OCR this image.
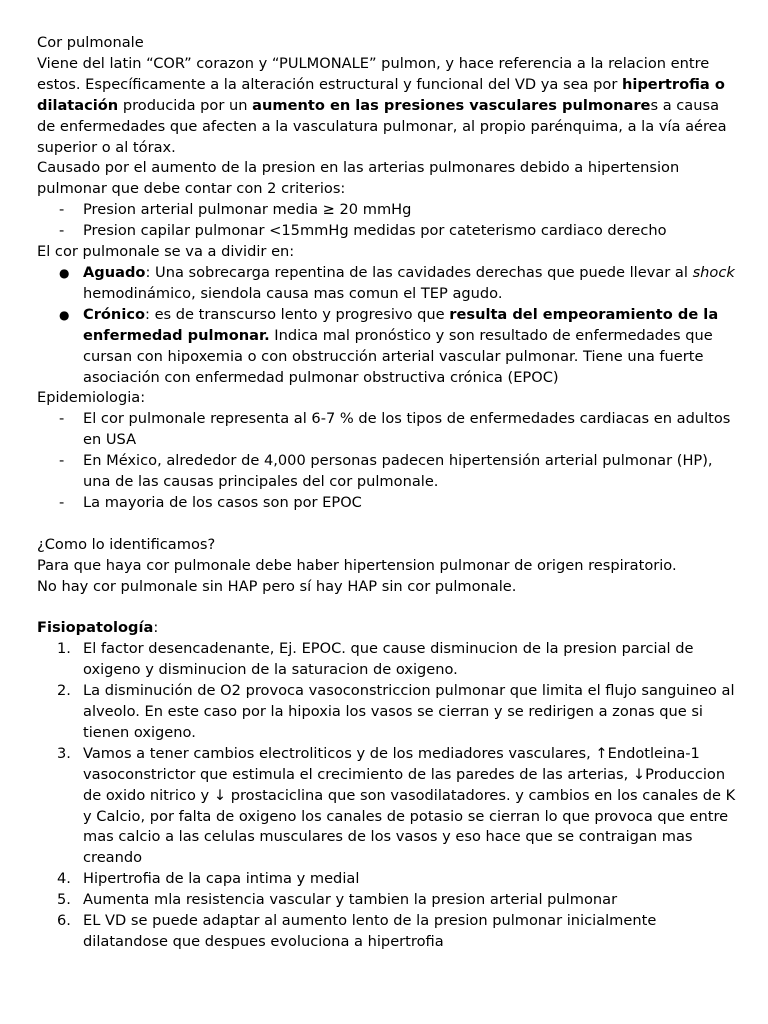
Cor pulmonale

Viene del latin “COR” corazon y “PULMONALE” pulmon, y hace referencia a la relacion entre estos. Específicamente a la alteración estructural y funcional del VD ya sea por hipertrofia o dilatación producida por un aumento en las presiones vasculares pulmonares a causa de enfermedades que afecten a la vasculatura pulmonar, al propio parénquima, a la vía aérea superior o al tórax.

Causado por el aumento de la presion en las arterias pulmonares debido a hipertension pulmonar que debe contar con 2 criterios:

- Presion arterial pulmonar media ≥ 20 mmHg
- Presion capilar pulmonar <15mmHg medidas por cateterismo cardiaco derecho

El cor pulmonale se va a dividir en:

● Aguado: Una sobrecarga repentina de las cavidades derechas que puede llevar al shock hemodinámico, siendola causa mas comun el TEP agudo.
● Crónico: es de transcurso lento y progresivo que resulta del empeoramiento de la enfermedad pulmonar. Indica mal pronóstico y son resultado de enfermedades que cursan con hipoxemia o con obstrucción arterial vascular pulmonar. Tiene una fuerte asociación con enfermedad pulmonar obstructiva crónica (EPOC)

Epidemiologia:

- El cor pulmonale representa al 6-7 % de los tipos de enfermedades cardiacas en adultos en USA
- En México, alrededor de 4,000 personas padecen hipertensión arterial pulmonar (HP), una de las causas principales del cor pulmonale.
- La mayoria de los casos son por EPOC

¿Como lo identificamos?

Para que haya cor pulmonale debe haber hipertension pulmonar de origen respiratorio.

No hay cor pulmonale sin HAP pero sí hay HAP sin cor pulmonale.

Fisiopatología:

1. El factor desencadenante, Ej. EPOC. que cause disminucion de la presion parcial de oxigeno y disminucion de la saturacion de oxigeno.
2. La disminución de O2 provoca vasoconstriccion pulmonar que limita el flujo sanguineo al alveolo. En este caso por la hipoxia los vasos se cierran y se redirigen a zonas que si tienen oxigeno.
3. Vamos a tener cambios electroliticos y de los mediadores vasculares, ↑Endotleina-1 vasoconstrictor que estimula el crecimiento de las paredes de las arterias, ↓Produccion de oxido nitrico y ↓ prostaciclina que son vasodilatadores. y cambios en los canales de K y Calcio, por falta de oxigeno los canales de potasio se cierran lo que provoca que entre mas calcio a las celulas musculares de los vasos y eso hace que se contraigan mas creando
4. Hipertrofia de la capa intima y medial
5. Aumenta mla resistencia vascular y tambien la presion arterial pulmonar
6. EL VD se puede adaptar al aumento lento de la presion pulmonar inicialmente dilatandose que despues evoluciona a hipertrofia
